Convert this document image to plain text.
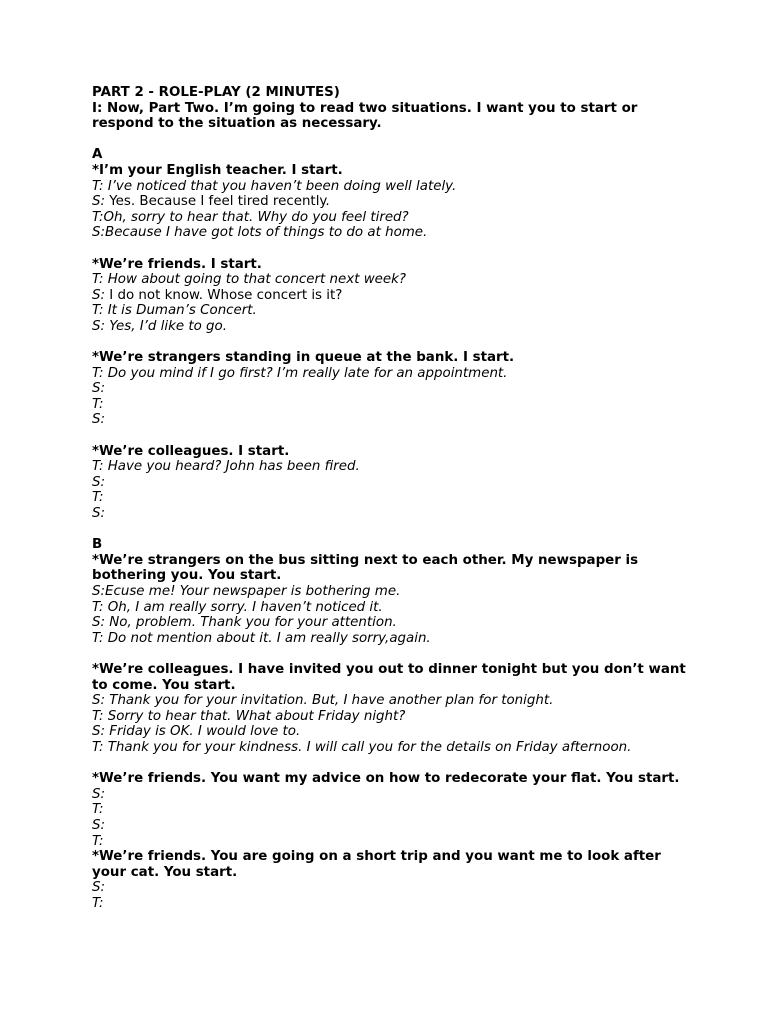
PART 2 - ROLE-PLAY (2 MINUTES)
I: Now, Part Two. I’m going to read two situations. I want you to start or respond to the situation as necessary.
A
*I’m your English teacher. I start.
T: I’ve noticed that you haven’t been doing well lately.
S: Yes. Because I feel tired recently.
T:Oh, sorry to hear that. Why do you feel tired?
S:Because I have got lots of things to do at home.
*We’re friends. I start.
T: How about going to that concert next week?
S: I do not know. Whose concert is it?
T: It is Duman’s Concert.
S: Yes, I’d like to go.
*We’re strangers standing in queue at the bank. I start.
T: Do you mind if I go first? I’m really late for an appointment.
S:
T:
S:
*We’re colleagues. I start.
T: Have you heard? John has been fired.
S:
T:
S:
B
*We’re strangers on the bus sitting next to each other. My newspaper is bothering you. You start.
S:Ecuse me! Your newspaper is bothering me.
T: Oh, I am really sorry. I haven’t noticed it.
S: No, problem. Thank you for your attention.
T: Do not mention about it. I am really sorry,again.
*We’re colleagues. I have invited you out to dinner tonight but you don’t want to come. You start.
S: Thank you for your invitation. But, I have another plan for tonight.
T: Sorry to hear that. What about Friday night?
S: Friday is OK. I would love to.
T: Thank you for your kindness. I will call you for the details on Friday afternoon.
*We’re friends. You want my advice on how to redecorate your flat. You start.
S:
T:
S:
T:
*We’re friends. You are going on a short trip and you want me to look after your cat. You start.
S:
T:
